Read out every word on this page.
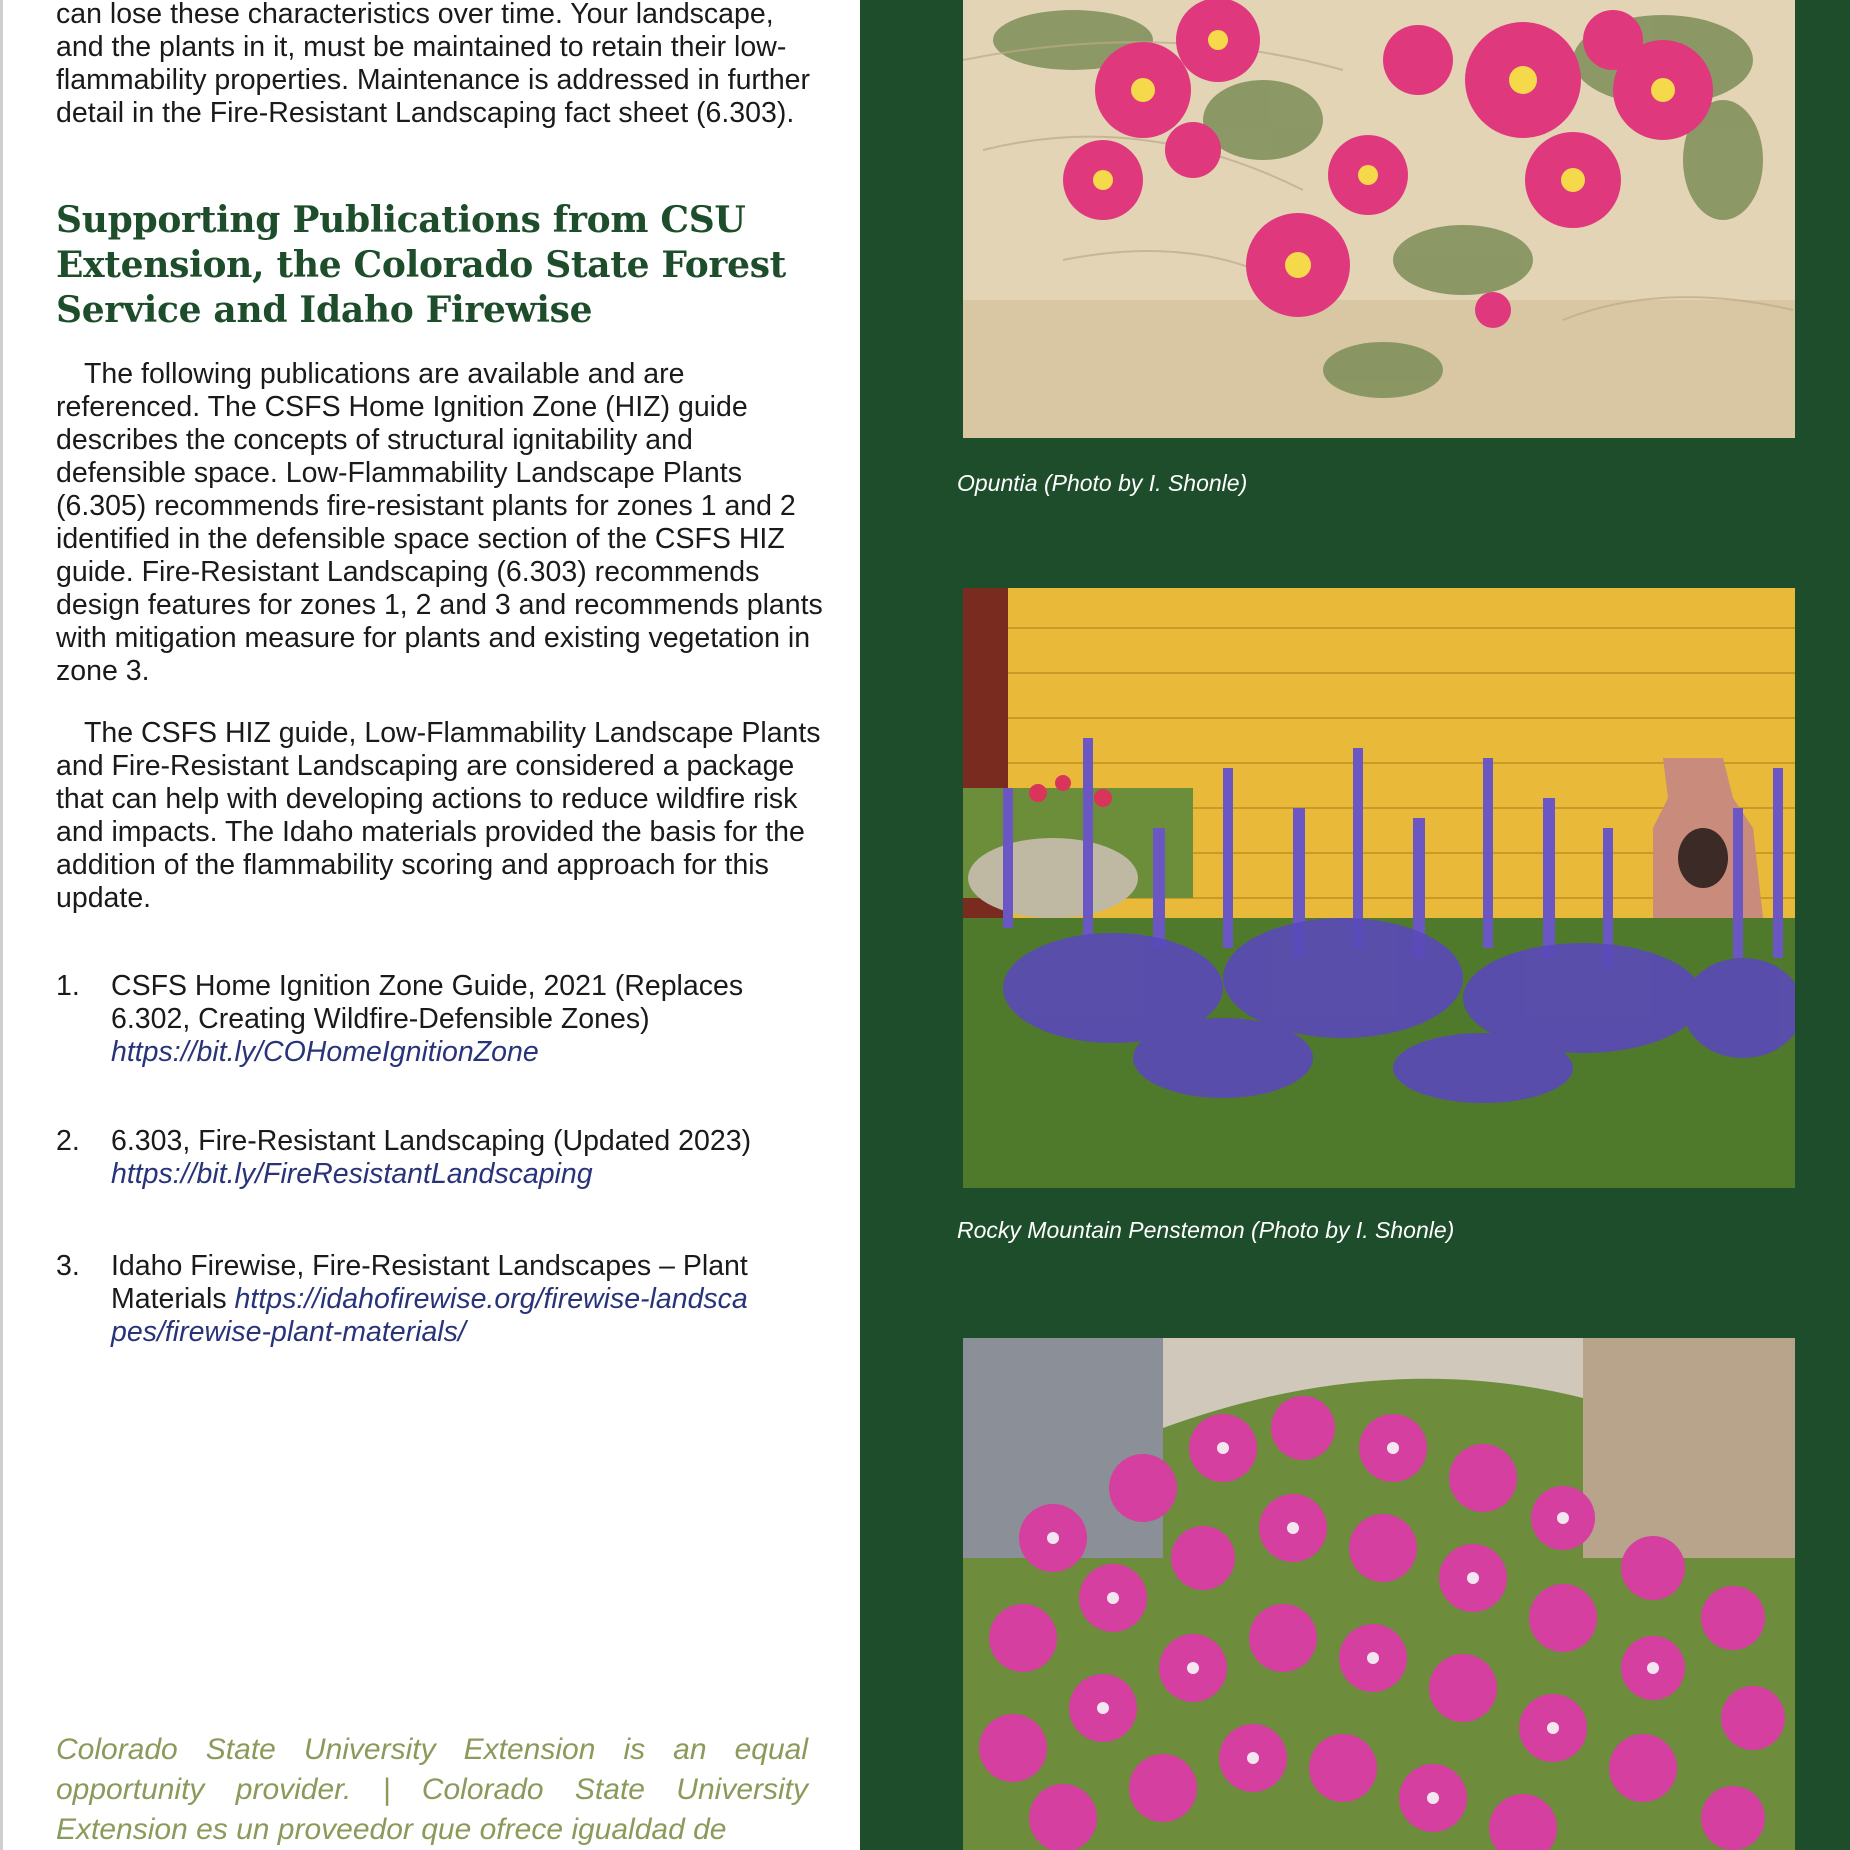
can lose these characteristics over time. Your landscape, and the plants in it, must be maintained to retain their low-flammability properties. Maintenance is addressed in further detail in the Fire-Resistant Landscaping fact sheet (6.303).

Supporting Publications from CSU Extension, the Colorado State Forest Service and Idaho Firewise

The following publications are available and are referenced. The CSFS Home Ignition Zone (HIZ) guide describes the concepts of structural ignitability and defensible space. Low-Flammability Landscape Plants (6.305) recommends fire-resistant plants for zones 1 and 2 identified in the defensible space section of the CSFS HIZ guide. Fire-Resistant Landscaping (6.303) recommends design features for zones 1, 2 and 3 and recommends plants with mitigation measure for plants and existing vegetation in zone 3.

The CSFS HIZ guide, Low-Flammability Landscape Plants and Fire-Resistant Landscaping are considered a package that can help with developing actions to reduce wildfire risk and impacts. The Idaho materials provided the basis for the addition of the flammability scoring and approach for this update.

1. CSFS Home Ignition Zone Guide, 2021 (Replaces 6.302, Creating Wildfire-Defensible Zones) https://bit.ly/COHomeIgnitionZone
2. 6.303, Fire-Resistant Landscaping (Updated 2023) https://bit.ly/FireResistantLandscaping
3. Idaho Firewise, Fire-Resistant Landscapes – Plant Materials https://idahofirewise.org/firewise-landscapes/firewise-plant-materials/

Colorado State University Extension is an equal opportunity provider. | Colorado State University Extension es un proveedor que ofrece igualdad de

Opuntia (Photo by I. Shonle)

Rocky Mountain Penstemon (Photo by I. Shonle)
